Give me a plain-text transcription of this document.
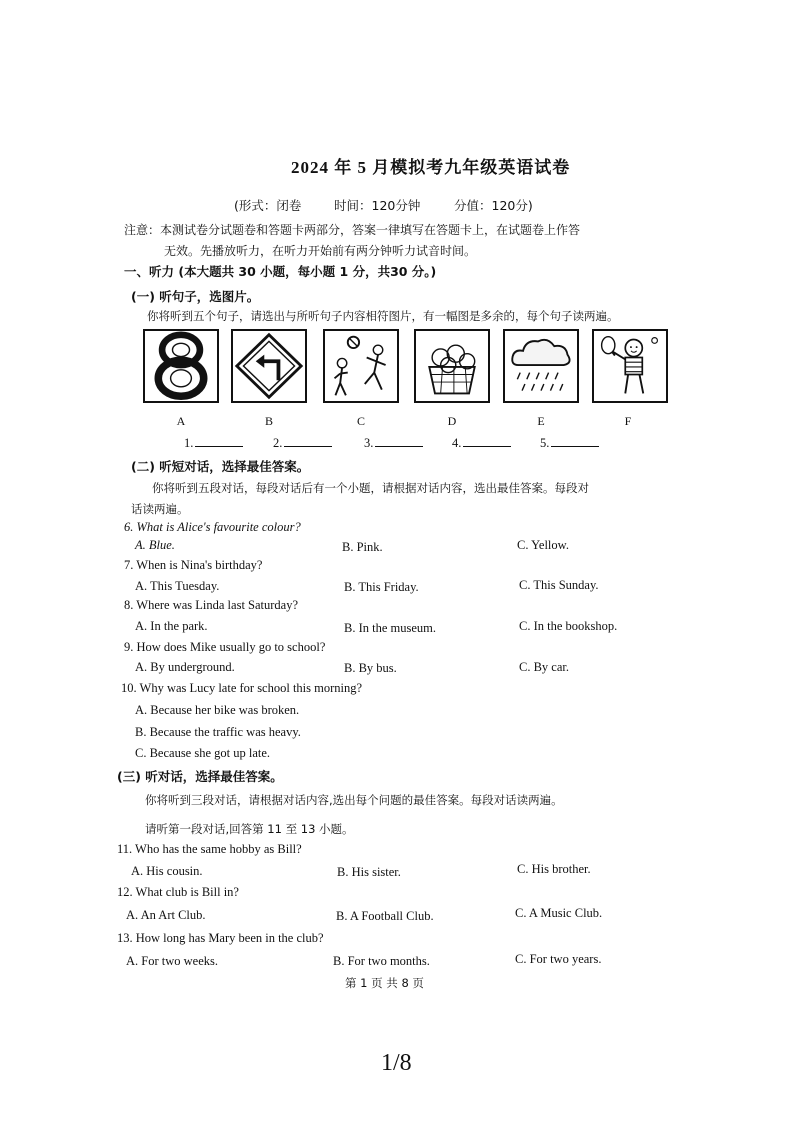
2024 年 5 月模拟考九年级英语试卷
(形式：闭卷	时间：120分钟	分值：120分)
注意：本测试卷分试题卷和答题卡两部分，答案一律填写在答题卡上，在试题卷上作答
无效。先播放听力，在听力开始前有两分钟听力试音时间。
一、听力 (本大题共 30 小题，每小题 1 分，共30 分。)
(一) 听句子，选图片。
你将听到五个句子，请选出与所听句子内容相符图片，有一幅图是多余的，每个句子读两遍。
A	B	C	D	E	F
1.	2.	3.	4.	5.
(二) 听短对话，选择最佳答案。
你将听到五段对话，每段对话后有一个小题，请根据对话内容，选出最佳答案。每段对
话读两遍。
6. What is Alice's favourite colour?
A. Blue.	B. Pink.	C. Yellow.
7. When is Nina's birthday?
A. This Tuesday.	B. This Friday.	C. This Sunday.
8. Where was Linda last Saturday?
A. In the park.	B. In the museum.	C. In the bookshop.
9. How does Mike usually go to school?
A. By underground.	B. By bus.	C. By car.
10. Why was Lucy late for school this morning?
A. Because her bike was broken.
B. Because the traffic was heavy.
C. Because she got up late.
(三) 听对话，选择最佳答案。
你将听到三段对话，请根据对话内容,选出每个问题的最佳答案。每段对话读两遍。
请听第一段对话,回答第 11 至 13 小题。
11. Who has the same hobby as Bill?
A. His cousin.	B. His sister.	C. His brother.
12. What club is Bill in?
A. An Art Club.	B. A Football Club.	C. A Music Club.
13. How long has Mary been in the club?
A. For two weeks.	B. For two months.	C. For two years.
第 1 页 共 8 页
1/8
